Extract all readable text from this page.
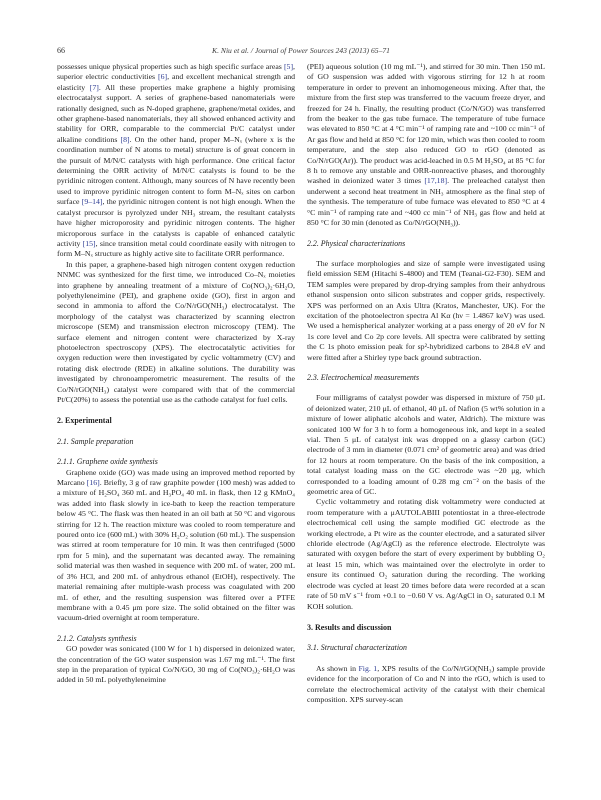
66	K. Niu et al. / Journal of Power Sources 243 (2013) 65–71

possesses unique physical properties such as high specific surface areas [5], superior electric conductivities [6], and excellent mechanical strength and elasticity [7]. All these properties make graphene a highly promising electrocatalyst support. A series of graphene-based nanomaterials were rationally designed, such as N-doped graphene, graphene/metal oxides, and other graphene-based nanomaterials, they all showed enhanced activity and stability for ORR, comparable to the commercial Pt/C catalyst under alkaline conditions [8]. On the other hand, proper M–Nₓ (where x is the coordination number of N atoms to metal) structure is of great concern in the pursuit of M/N/C catalysts with high performance. One critical factor determining the ORR activity of M/N/C catalysts is found to be the pyridinic nitrogen content. Although, many sources of N have recently been used to improve pyridinic nitrogen content to form M–Nₓ sites on carbon surface [9–14], the pyridinic nitrogen content is not high enough. When the catalyst precursor is pyrolyzed under NH₃ stream, the resultant catalysts have higher microporosity and pyridinic nitrogen contents. The higher microporous surface in the catalysts is capable of enhanced catalytic activity [15], since transition metal could coordinate easily with nitrogen to form M–Nₓ structure as highly active site to facilitate ORR performance.

In this paper, a graphene-based high nitrogen content oxygen reduction NNMC was synthesized for the first time, we introduced Co–Nₓ moieties into graphene by annealing treatment of a mixture of Co(NO₃)₂·6H₂O, polyethyleneimine (PEI), and graphene oxide (GO), first in argon and second in ammonia to afford the Co/N/rGO(NH₃) electrocatalyst. The morphology of the catalyst was characterized by scanning electron microscope (SEM) and transmission electron microscopy (TEM). The surface element and nitrogen content were characterized by X-ray photoelectron spectroscopy (XPS). The electrocatalytic activities for oxygen reduction were then investigated by cyclic voltammetry (CV) and rotating disk electrode (RDE) in alkaline solutions. The durability was investigated by chronoamperometric measurement. The results of the Co/N/rGO(NH₃) catalyst were compared with that of the commercial Pt/C(20%) to assess the potential use as the cathode catalyst for fuel cells.

2. Experimental
2.1. Sample preparation
2.1.1. Graphene oxide synthesis

Graphene oxide (GO) was made using an improved method reported by Marcano [16]. Briefly, 3 g of raw graphite powder (100 mesh) was added to a mixture of H₂SO₄ 360 mL and H₃PO₄ 40 mL in flask, then 12 g KMnO₄ was added into flask slowly in ice-bath to keep the reaction temperature below 45 °C. The flask was then heated in an oil bath at 50 °C and vigorous stirring for 12 h. The reaction mixture was cooled to room temperature and poured onto ice (600 mL) with 30% H₂O₂ solution (60 mL). The suspension was stirred at room temperature for 10 min. It was then centrifuged (5000 rpm for 5 min), and the supernatant was decanted away. The remaining solid material was then washed in sequence with 200 mL of water, 200 mL of 3% HCl, and 200 mL of anhydrous ethanol (EtOH), respectively. The material remaining after multiple-wash process was coagulated with 200 mL of ether, and the resulting suspension was filtered over a PTFE membrane with a 0.45 μm pore size. The solid obtained on the filter was vacuum-dried overnight at room temperature.

2.1.2. Catalysts synthesis

GO powder was sonicated (100 W for 1 h) dispersed in deionized water, the concentration of the GO water suspension was 1.67 mg mL⁻¹. The first step in the preparation of typical Co/N/GO, 30 mg of Co(NO₃)₂·6H₂O was added in 50 mL polyethyleneimine

(PEI) aqueous solution (10 mg mL⁻¹), and stirred for 30 min. Then 150 mL of GO suspension was added with vigorous stirring for 12 h at room temperature in order to prevent an inhomogeneous mixing. After that, the mixture from the first step was transferred to the vacuum freeze dryer, and freezed for 24 h. Finally, the resulting product (Co/N/GO) was transferred from the beaker to the gas tube furnace. The temperature of tube furnace was elevated to 850 °C at 4 °C min⁻¹ of ramping rate and ~100 cc min⁻¹ of Ar gas flow and held at 850 °C for 120 min, which was then cooled to room temperature, and the step also reduced GO to rGO (denoted as Co/N/rGO(Ar)). The product was acid-leached in 0.5 M H₂SO₄ at 85 °C for 8 h to remove any unstable and ORR-nonreactive phases, and thoroughly washed in deionized water 3 times [17,18]. The preleached catalyst then underwent a second heat treatment in NH₃ atmosphere as the final step of the synthesis. The temperature of tube furnace was elevated to 850 °C at 4 °C min⁻¹ of ramping rate and ~400 cc min⁻¹ of NH₃ gas flow and held at 850 °C for 30 min (denoted as Co/N/rGO(NH₃)).

2.2. Physical characterizations

The surface morphologies and size of sample were investigated using field emission SEM (Hitachi S-4800) and TEM (Teanai-G2-F30). SEM and TEM samples were prepared by drop-drying samples from their anhydrous ethanol suspension onto silicon substrates and copper grids, respectively. XPS was performed on an Axis Ultra (Kratos, Manchester, UK). For the excitation of the photoelectron spectra Al Kα (hν = 1.4867 keV) was used. We used a hemispherical analyzer working at a pass energy of 20 eV for N 1s core level and Co 2p core levels. All spectra were calibrated by setting the C 1s photo emission peak for sp²-hybridized carbons to 284.8 eV and were fitted after a Shirley type back ground subtraction.

2.3. Electrochemical measurements

Four milligrams of catalyst powder was dispersed in mixture of 750 μL of deionized water, 210 μL of ethanol, 40 μL of Nafion (5 wt% solution in a mixture of lower aliphatic alcohols and water, Aldrich). The mixture was sonicated 100 W for 3 h to form a homogeneous ink, and kept in a sealed vial. Then 5 μL of catalyst ink was dropped on a glassy carbon (GC) electrode of 3 mm in diameter (0.071 cm² of geometric area) and was dried for 12 hours at room temperature. On the basis of the ink composition, a total catalyst loading mass on the GC electrode was ~20 μg, which corresponded to a loading amount of 0.28 mg cm⁻² on the basis of the geometric area of GC.

Cyclic voltammetry and rotating disk voltammetry were conducted at room temperature with a μAUTOLABIII potentiostat in a three-electrode electrochemical cell using the sample modified GC electrode as the working electrode, a Pt wire as the counter electrode, and a saturated silver chloride electrode (Ag/AgCl) as the reference electrode. Electrolyte was saturated with oxygen before the start of every experiment by bubbling O₂ at least 15 min, which was maintained over the electrolyte in order to ensure its continued O₂ saturation during the recording. The working electrode was cycled at least 20 times before data were recorded at a scan rate of 50 mV s⁻¹ from +0.1 to −0.60 V vs. Ag/AgCl in O₂ saturated 0.1 M KOH solution.

3. Results and discussion
3.1. Structural characterization

As shown in Fig. 1, XPS results of the Co/N/rGO(NH₃) sample provide evidence for the incorporation of Co and N into the rGO, which is used to correlate the electrochemical activity of the catalyst with their chemical composition. XPS survey-scan
